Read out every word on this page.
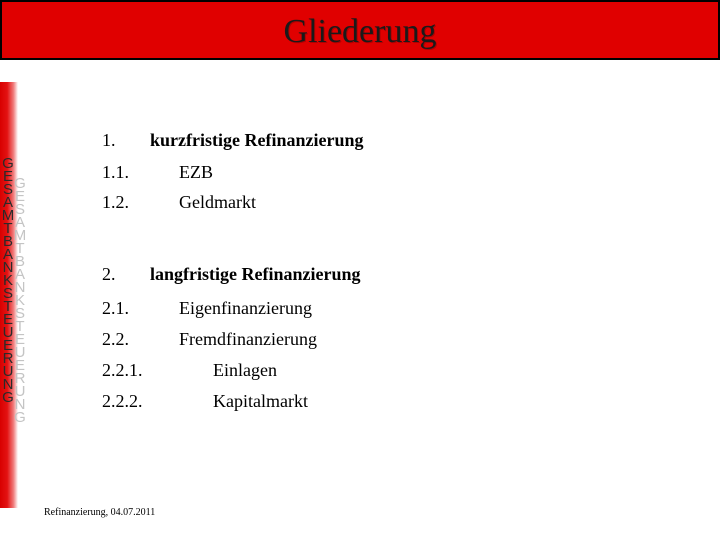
Gliederung
GESAMTBANKSTEUERUNG
GESAMTBANKSTEUERUNG
1. kurzfristige Refinanzierung
1.1.	EZB
1.2.	Geldmarkt
2. langfristige Refinanzierung
2.1.	Eigenfinanzierung
2.2.	Fremdfinanzierung
2.2.1.	Einlagen
2.2.2.	Kapitalmarkt
Refinanzierung, 04.07.2011
